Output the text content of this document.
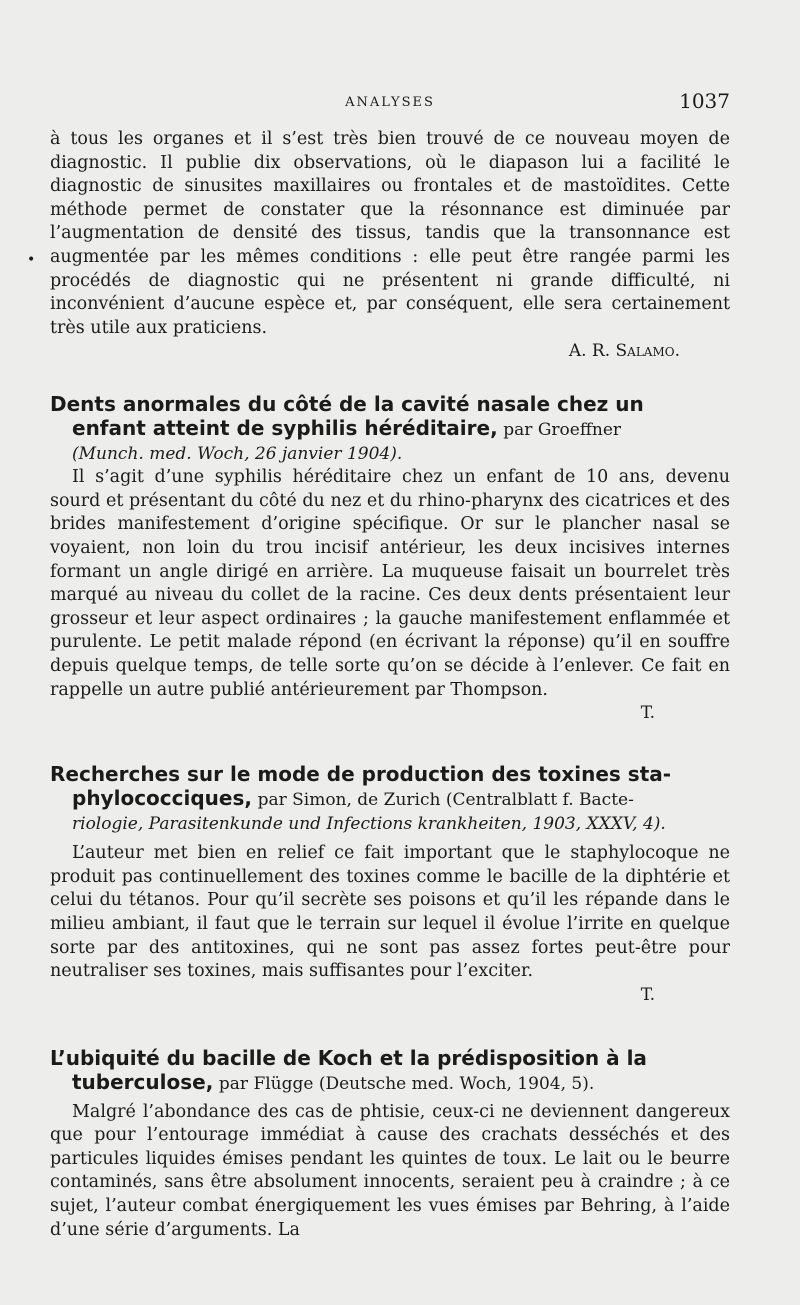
ANALYSES	1037
•

à tous les organes et il s’est très bien trouvé de ce nouveau moyen de diagnostic. Il publie dix observations, où le diapason lui a facilité le diagnostic de sinusites maxillaires ou frontales et de mastoïdites. Cette méthode permet de constater que la résonnance est diminuée par l’augmentation de densité des tissus, tandis que la transonnance est augmentée par les mêmes conditions : elle peut être rangée parmi les procédés de diagnostic qui ne présentent ni grande difficulté, ni inconvénient d’aucune espèce et, par conséquent, elle sera certainement très utile aux praticiens.

A. R. Salamo.

Dents anormales du côté de la cavité nasale chez un

enfant atteint de syphilis héréditaire, par Groeffner

(Munch. med. Woch, 26 janvier 1904).

Il s’agit d’une syphilis héréditaire chez un enfant de 10 ans, devenu sourd et présentant du côté du nez et du rhino-pharynx des cicatrices et des brides manifestement d’origine spécifique. Or sur le plancher nasal se voyaient, non loin du trou incisif antérieur, les deux incisives internes formant un angle dirigé en arrière. La muqueuse faisait un bourrelet très marqué au niveau du collet de la racine. Ces deux dents présentaient leur grosseur et leur aspect ordinaires ; la gauche manifestement enflammée et purulente. Le petit malade répond (en écrivant la réponse) qu’il en souffre depuis quelque temps, de telle sorte qu’on se décide à l’enlever. Ce fait en rappelle un autre publié antérieurement par Thompson.

T.

Recherches sur le mode de production des toxines sta-

phylococciques, par Simon, de Zurich (Centralblatt f. Bacte-

riologie, Parasitenkunde und Infections krankheiten, 1903, XXXV, 4).

L’auteur met bien en relief ce fait important que le staphylocoque ne produit pas continuellement des toxines comme le bacille de la diphtérie et celui du tétanos. Pour qu’il secrète ses poisons et qu’il les répande dans le milieu ambiant, il faut que le terrain sur lequel il évolue l’irrite en quelque sorte par des antitoxines, qui ne sont pas assez fortes peut-être pour neutraliser ses toxines, mais suffisantes pour l’exciter.

T.

L’ubiquité du bacille de Koch et la prédisposition à la

tuberculose, par Flügge (Deutsche med. Woch, 1904, 5).

Malgré l’abondance des cas de phtisie, ceux-ci ne deviennent dangereux que pour l’entourage immédiat à cause des crachats desséchés et des particules liquides émises pendant les quintes de toux. Le lait ou le beurre contaminés, sans être absolument innocents, seraient peu à craindre ; à ce sujet, l’auteur combat énergiquement les vues émises par Behring, à l’aide d’une série d’arguments. La
